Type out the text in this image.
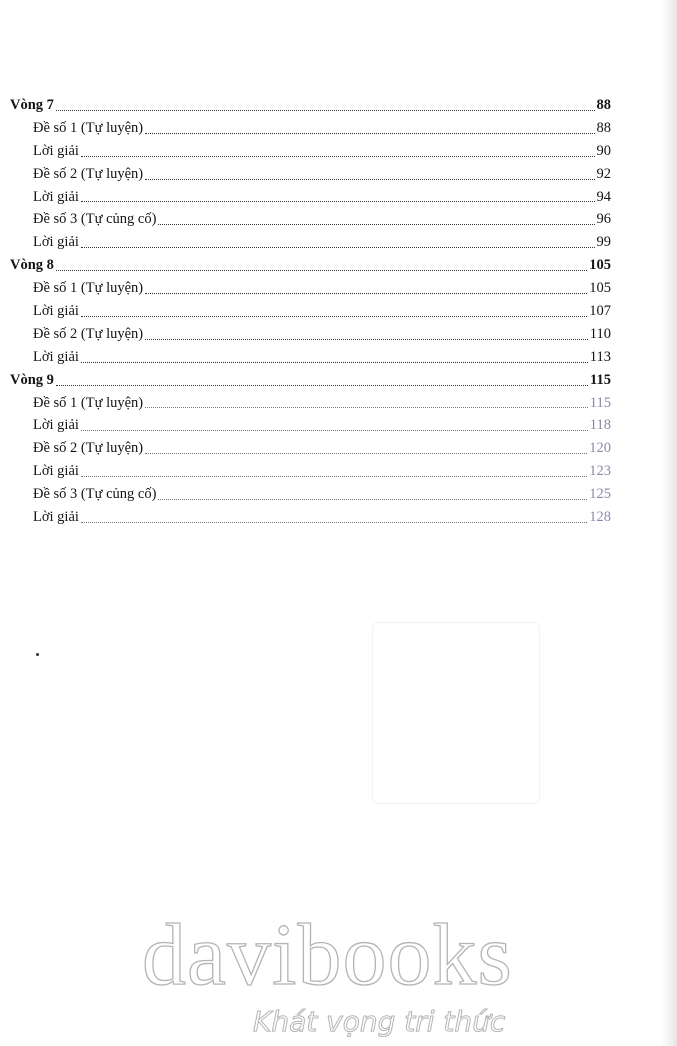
Vòng 7	88
Đề số 1 (Tự luyện)	88
Lời giải	90
Đề số 2 (Tự luyện)	92
Lời giải	94
Đề số 3 (Tự củng cố)	96
Lời giải	99
Vòng 8	105
Đề số 1 (Tự luyện)	105
Lời giải	107
Đề số 2 (Tự luyện)	110
Lời giải	113
Vòng 9	115
Đề số 1 (Tự luyện)	115
Lời giải	118
Đề số 2 (Tự luyện)	120
Lời giải	123
Đề số 3 (Tự củng cố)	125
Lời giải	128
davibooks
Khát vọng tri thức
